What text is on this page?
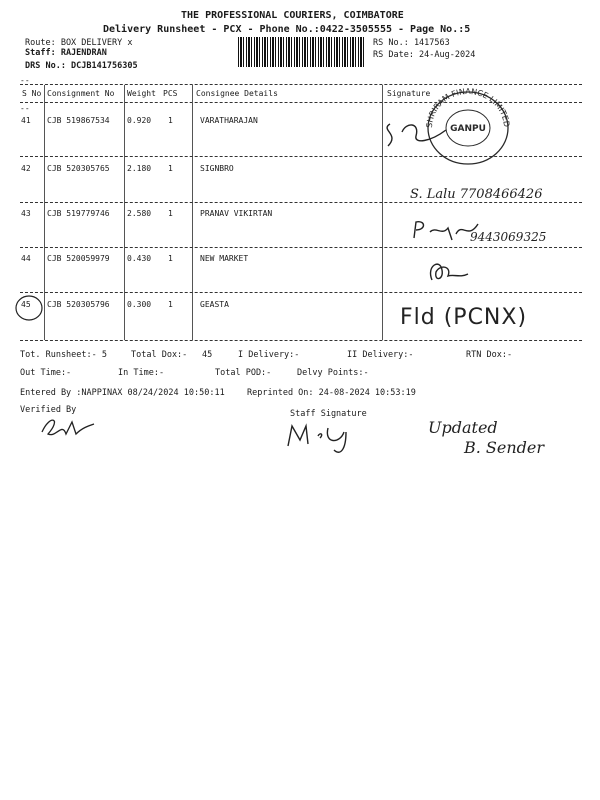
THE PROFESSIONAL COURIERS, COIMBATORE
Delivery Runsheet - PCX - Phone No.:0422-3505555 - Page No.:5
Route: BOX DELIVERY x
Staff: RAJENDRAN
DRS No.: DCJB141756305
RS No.: 1417563
RS Date: 24-Aug-2024
--
--
S No Consignment No Weight PCS Consignee Details	Signature
41 CJB 519867534 0.920 1	VARATHARAJAN
42 CJB 520305765 2.180 1	SIGNBRO
43 CJB 519779746 2.580 1	PRANAV VIKIRTAN
44 CJB 520059979 0.430 1	NEW MARKET
45 CJB 520305796 0.300 1	GEASTA
SHRIRAM FINANCE LIMITED
GANPU
S. Lalu 7708466426
9443069325
Fld (PCNX)
Tot. Runsheet:- 5	Total Dox:- 45	I Delivery:-	II Delivery:-	RTN Dox:-
Out Time:-	In Time:-	Total POD:-	Delvy Points:-
Entered By :NAPPINAX 08/24/2024 10:50:11	Reprinted On: 24-08-2024 10:53:19
Verified By	Staff Signature
Updated
B. Sender
